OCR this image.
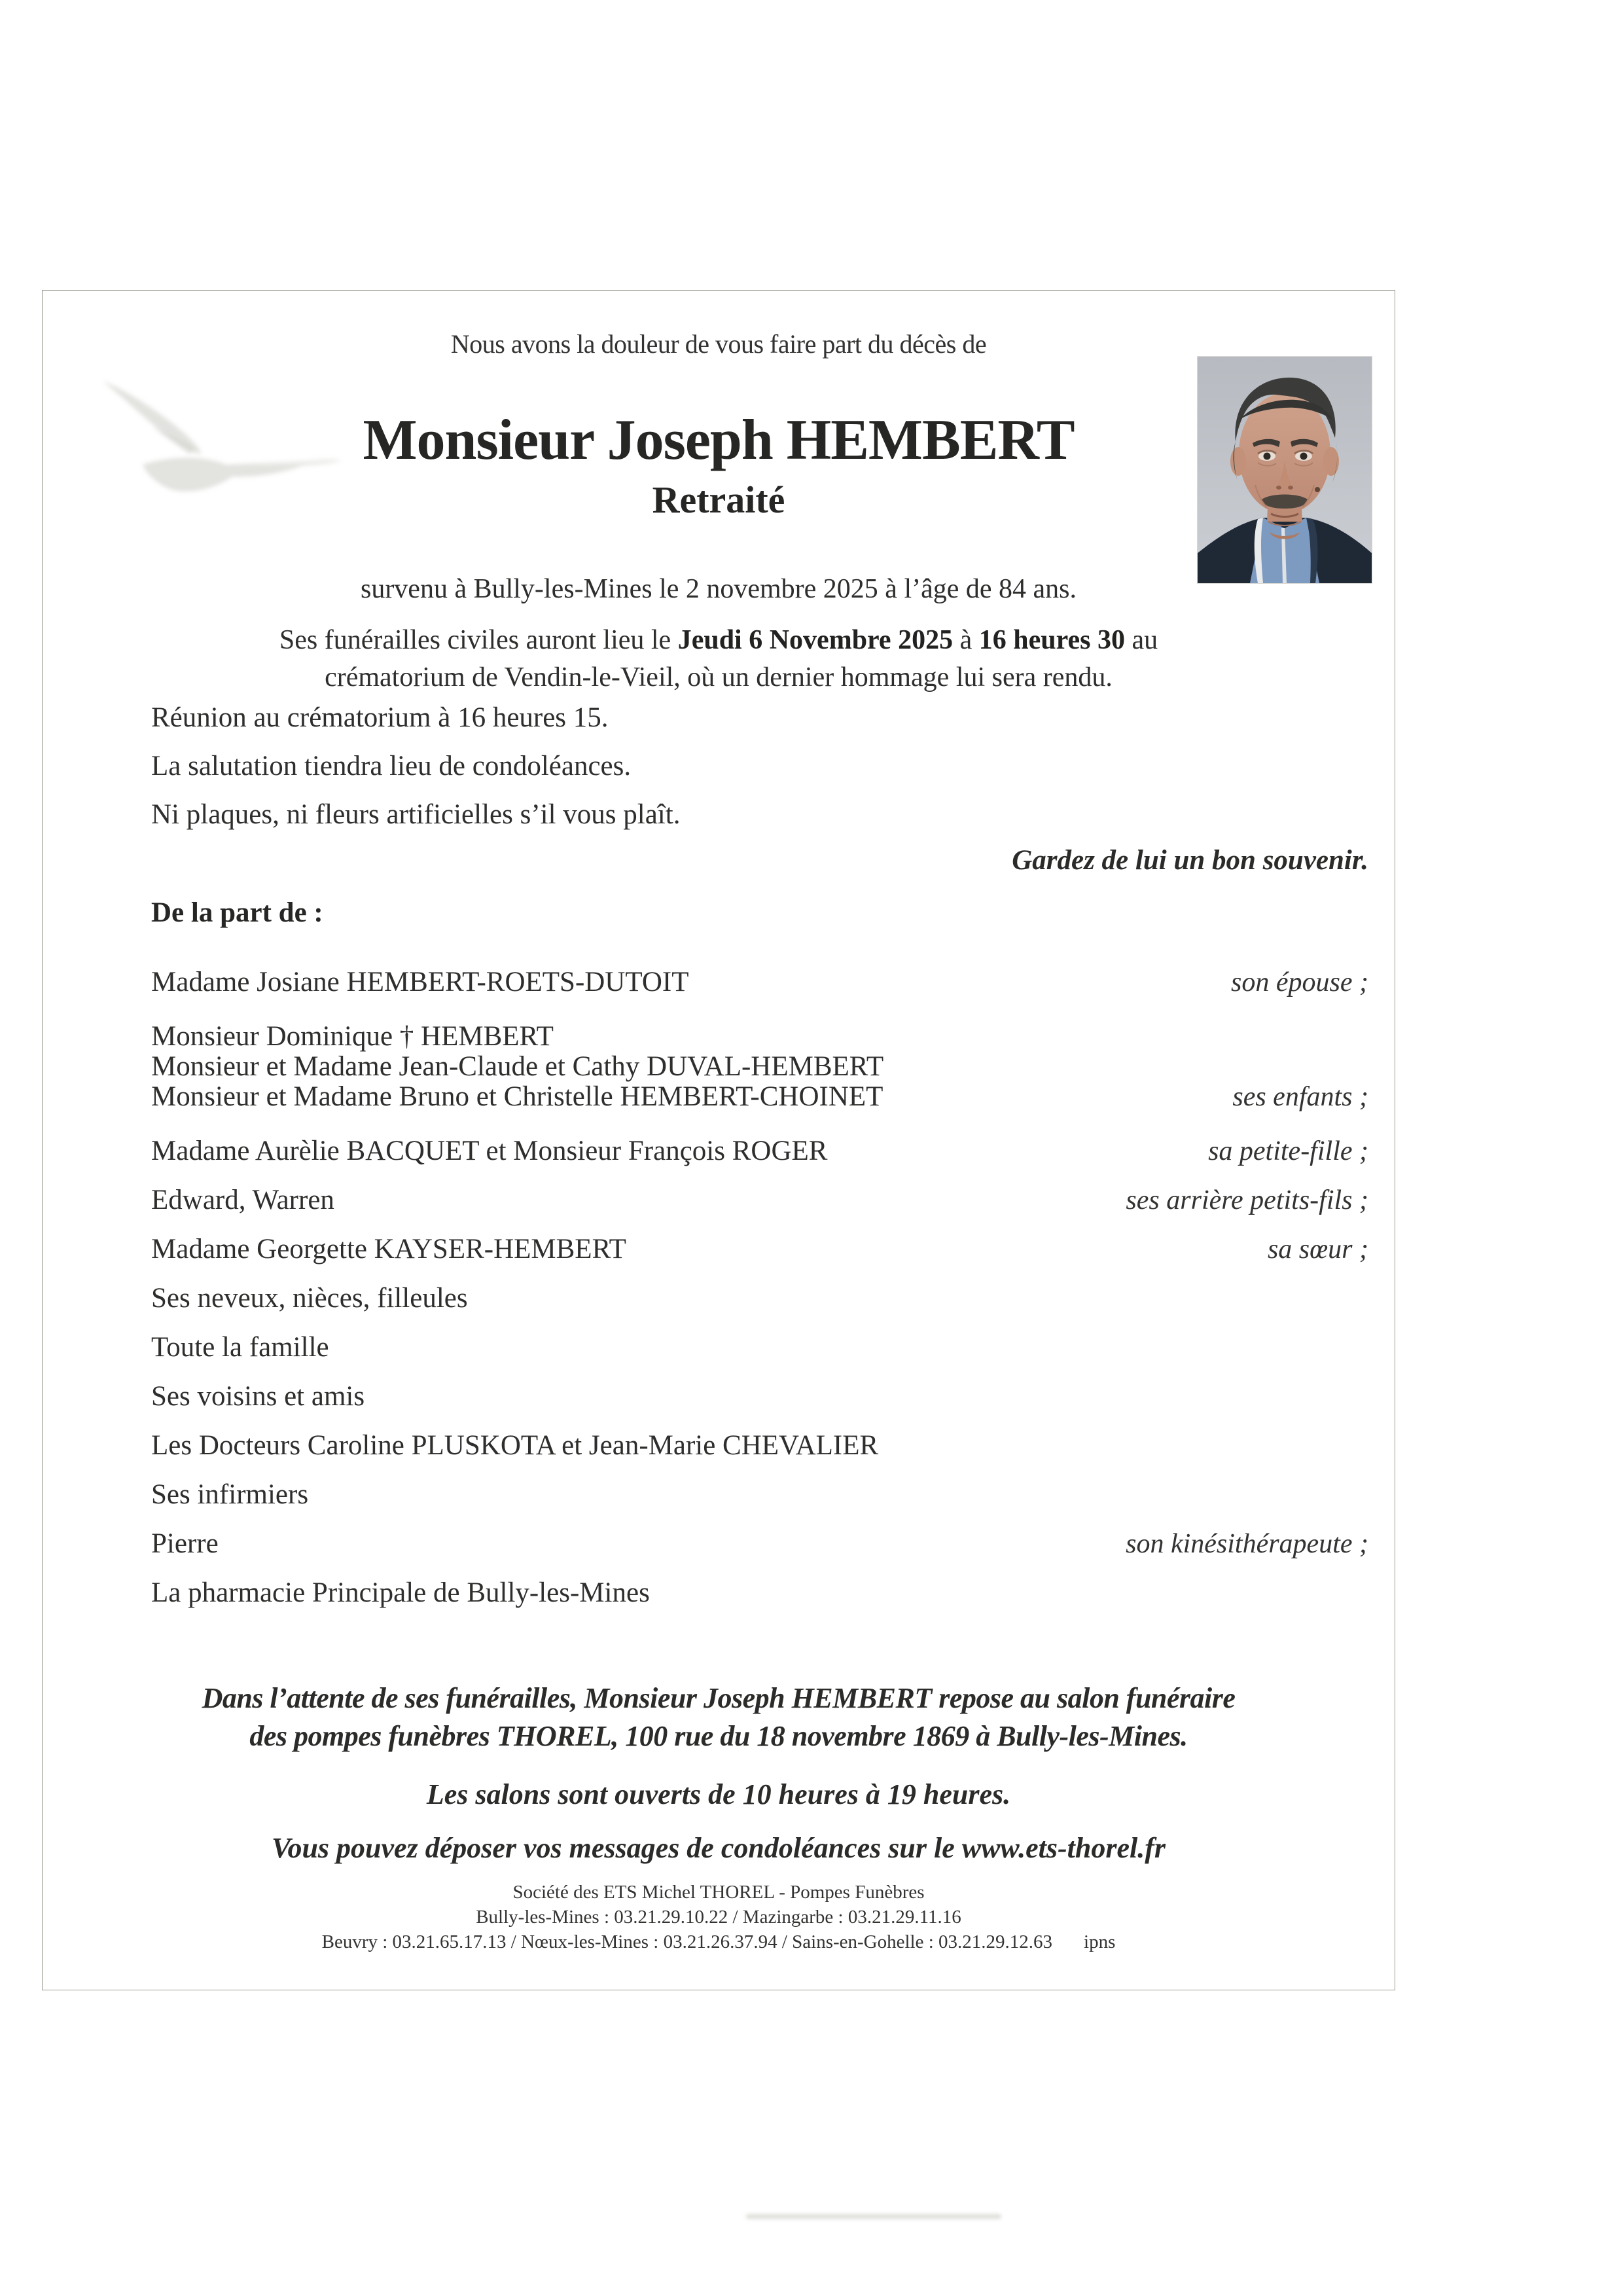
Nous avons la douleur de vous faire part du décès de
Monsieur Joseph HEMBERT
Retraité
survenu à Bully-les-Mines le 2 novembre 2025 à l’âge de 84 ans.
Ses funérailles civiles auront lieu le Jeudi 6 Novembre 2025 à 16 heures 30 au
crématorium de Vendin-le-Vieil, où un dernier hommage lui sera rendu.
Réunion au crématorium à 16 heures 15.
La salutation tiendra lieu de condoléances.
Ni plaques, ni fleurs artificielles s’il vous plaît.
Gardez de lui un bon souvenir.
De la part de :
Madame Josiane HEMBERT-ROETS-DUTOIT	son épouse ;
Monsieur Dominique † HEMBERT
Monsieur et Madame Jean-Claude et Cathy DUVAL-HEMBERT
Monsieur et Madame Bruno et Christelle HEMBERT-CHOINET	ses enfants ;
Madame Aurèlie BACQUET et Monsieur François ROGER	sa petite-fille ;
Edward, Warren	ses arrière petits-fils ;
Madame Georgette KAYSER-HEMBERT	sa sœur ;
Ses neveux, nièces, filleules
Toute la famille
Ses voisins et amis
Les Docteurs Caroline PLUSKOTA et Jean-Marie CHEVALIER
Ses infirmiers
Pierre	son kinésithérapeute ;
La pharmacie Principale de Bully-les-Mines
Dans l’attente de ses funérailles, Monsieur Joseph HEMBERT repose au salon funéraire
des pompes funèbres THOREL, 100 rue du 18 novembre 1869 à Bully-les-Mines.
Les salons sont ouverts de 10 heures à 19 heures.
Vous pouvez déposer vos messages de condoléances sur le www.ets-thorel.fr
Société des ETS Michel THOREL - Pompes Funèbres
Bully-les-Mines : 03.21.29.10.22 / Mazingarbe : 03.21.29.11.16
Beuvry : 03.21.65.17.13 / Nœux-les-Mines : 03.21.26.37.94 / Sains-en-Gohelle : 03.21.29.12.63 ipns
